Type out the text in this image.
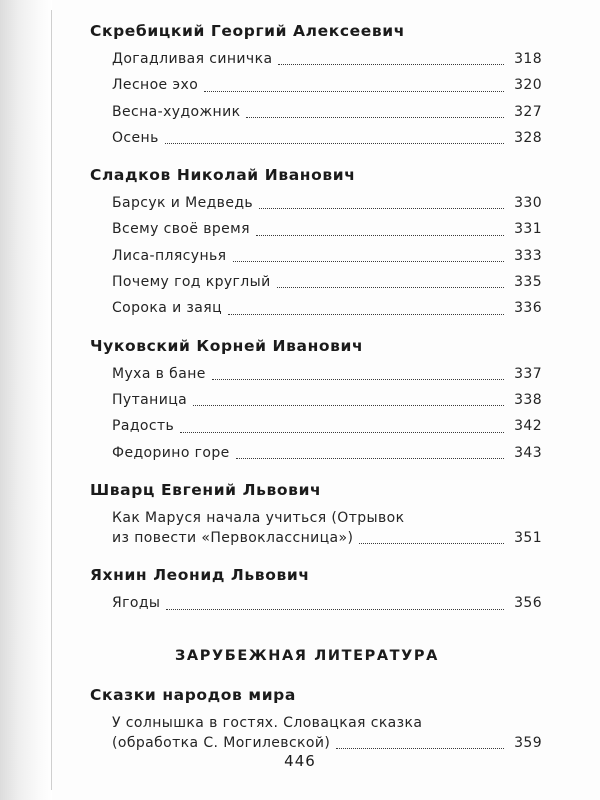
Скребицкий Георгий Алексеевич
Догадливая синичка	318
Лесное эхо	320
Весна-художник	327
Осень	328
Сладков Николай Иванович
Барсук и Медведь	330
Всему своё время	331
Лиса-плясунья	333
Почему год круглый	335
Сорока и заяц	336
Чуковский Корней Иванович
Муха в бане	337
Путаница	338
Радость	342
Федорино горе	343
Шварц Евгений Львович
Как Маруся начала учиться (Отрывок
из повести «Первоклассница»)	351
Яхнин Леонид Львович
Ягоды	356
ЗАРУБЕЖНАЯ ЛИТЕРАТУРА
Сказки народов мира
У солнышка в гостях. Словацкая сказка
(обработка С. Могилевской)	359
446
